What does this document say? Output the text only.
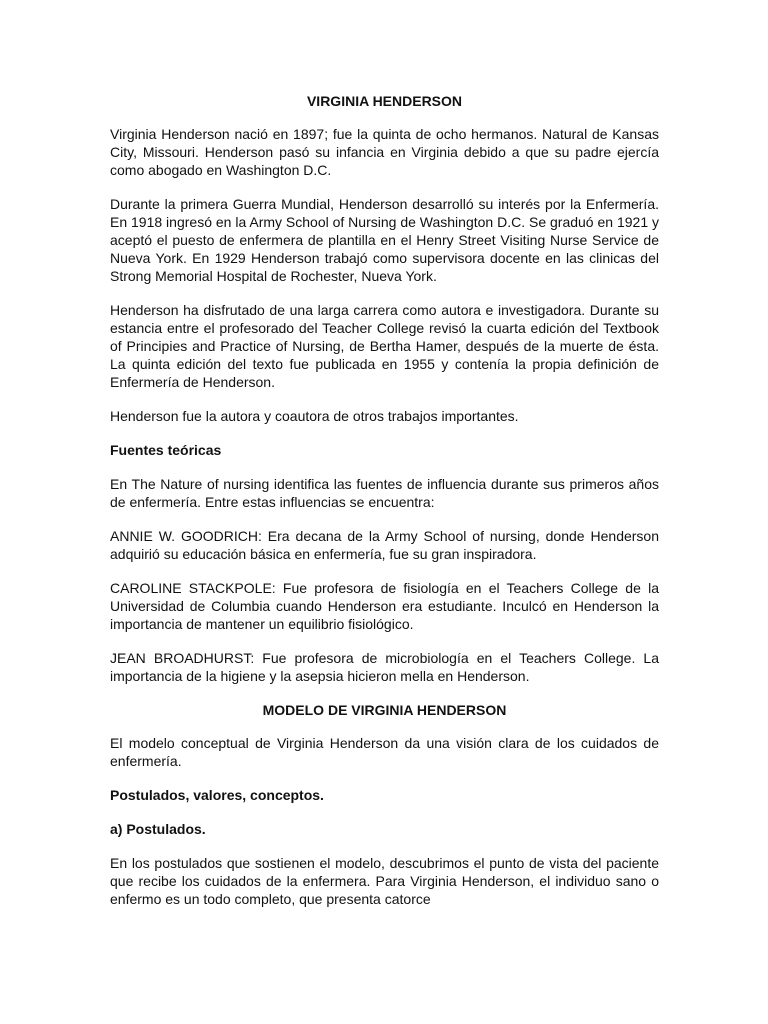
VIRGINIA HENDERSON

Virginia Henderson nació en 1897; fue la quinta de ocho hermanos. Natural de Kansas City, Missouri. Henderson pasó su infancia en Virginia debido a que su padre ejercía como abogado en Washington D.C.

Durante la primera Guerra Mundial, Henderson desarrolló su interés por la Enfermería. En 1918 ingresó en la Army School of Nursing de Washington D.C. Se graduó en 1921 y aceptó el puesto de enfermera de plantilla en el Henry Street Visiting Nurse Service de Nueva York. En 1929 Henderson trabajó como supervisora docente en las clinicas del Strong Memorial Hospital de Rochester, Nueva York.

Henderson ha disfrutado de una larga carrera como autora e investigadora. Durante su estancia entre el profesorado del Teacher College revisó la cuarta edición del Textbook of Principies and Practice of Nursing, de Bertha Hamer, después de la muerte de ésta. La quinta edición del texto fue publicada en 1955 y contenía la propia definición de Enfermería de Henderson.

Henderson fue la autora y coautora de otros trabajos importantes.

Fuentes teóricas

En The Nature of nursing identifica las fuentes de influencia durante sus primeros años de enfermería. Entre estas influencias se encuentra:

ANNIE W. GOODRICH: Era decana de la Army School of nursing, donde Henderson adquirió su educación básica en enfermería, fue su gran inspiradora.

CAROLINE STACKPOLE: Fue profesora de fisiología en el Teachers College de la Universidad de Columbia cuando Henderson era estudiante. Inculcó en Henderson la importancia de mantener un equilibrio fisiológico.

JEAN BROADHURST: Fue profesora de microbiología en el Teachers College. La importancia de la higiene y la asepsia hicieron mella en Henderson.

MODELO DE VIRGINIA HENDERSON

El modelo conceptual de Virginia Henderson da una visión clara de los cuidados de enfermería.

Postulados, valores, conceptos.
a) Postulados.

En los postulados que sostienen el modelo, descubrimos el punto de vista del paciente que recibe los cuidados de la enfermera. Para Virginia Henderson, el individuo sano o enfermo es un todo completo, que presenta catorce
